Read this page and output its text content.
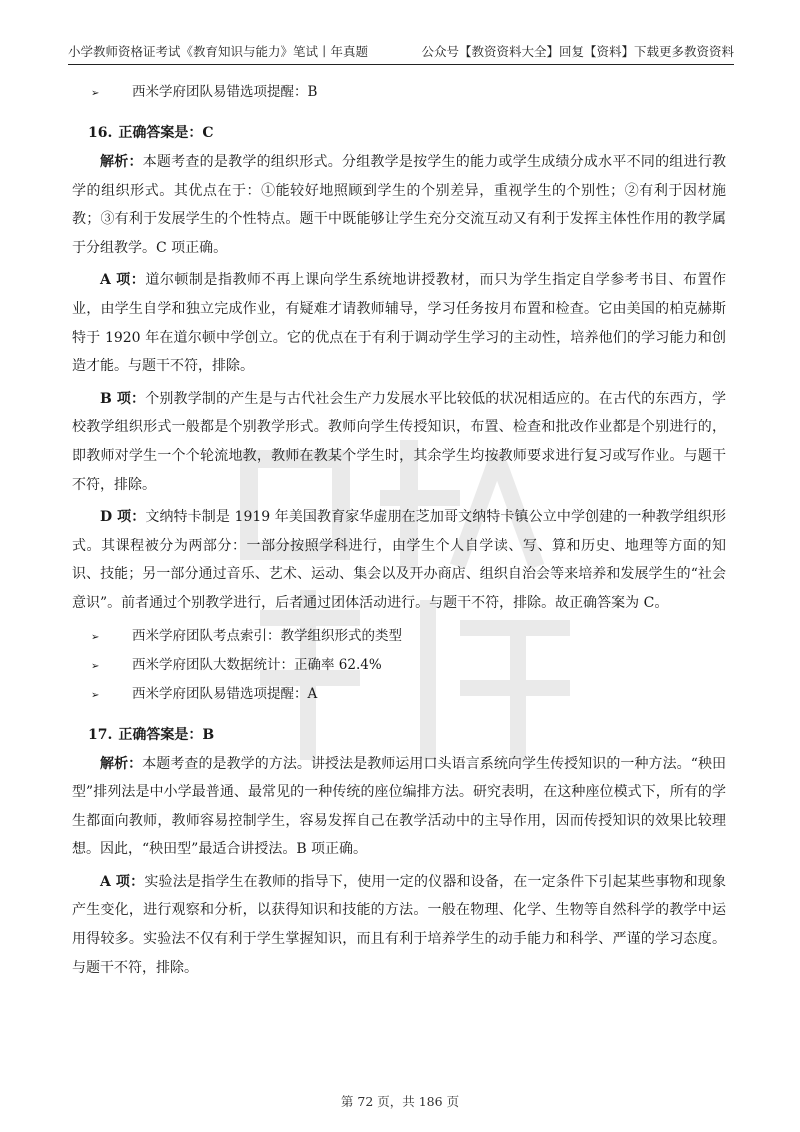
小学教师资格证考试《教育知识与能力》笔试丨年真题	公众号【教资资料大全】回复【资料】下载更多教资资料
➢ 西米学府团队易错选项提醒：B
16. 正确答案是：C

解析：本题考查的是教学的组织形式。分组教学是按学生的能力或学生成绩分成水平不同的组进行教学的组织形式。其优点在于：①能较好地照顾到学生的个别差异，重视学生的个别性；②有利于因材施教；③有利于发展学生的个性特点。题干中既能够让学生充分交流互动又有利于发挥主体性作用的教学属于分组教学。C 项正确。

A 项：道尔顿制是指教师不再上课向学生系统地讲授教材，而只为学生指定自学参考书目、布置作业，由学生自学和独立完成作业，有疑难才请教师辅导，学习任务按月布置和检查。它由美国的柏克赫斯特于 1920 年在道尔顿中学创立。它的优点在于有利于调动学生学习的主动性，培养他们的学习能力和创造才能。与题干不符，排除。

B 项：个别教学制的产生是与古代社会生产力发展水平比较低的状况相适应的。在古代的东西方，学校教学组织形式一般都是个别教学形式。教师向学生传授知识，布置、检查和批改作业都是个别进行的，即教师对学生一个个轮流地教，教师在教某个学生时，其余学生均按教师要求进行复习或写作业。与题干不符，排除。

D 项：文纳特卡制是 1919 年美国教育家华虚朋在芝加哥文纳特卡镇公立中学创建的一种教学组织形式。其课程被分为两部分：一部分按照学科进行，由学生个人自学读、写、算和历史、地理等方面的知识、技能；另一部分通过音乐、艺术、运动、集会以及开办商店、组织自治会等来培养和发展学生的“社会意识”。前者通过个别教学进行，后者通过团体活动进行。与题干不符，排除。故正确答案为 C。

➢ 西米学府团队考点索引：教学组织形式的类型
➢ 西米学府团队大数据统计：正确率 62.4%
➢ 西米学府团队易错选项提醒：A
17. 正确答案是：B

解析：本题考查的是教学的方法。讲授法是教师运用口头语言系统向学生传授知识的一种方法。“秧田型”排列法是中小学最普通、最常见的一种传统的座位编排方法。研究表明，在这种座位模式下，所有的学生都面向教师，教师容易控制学生，容易发挥自己在教学活动中的主导作用，因而传授知识的效果比较理想。因此，“秧田型”最适合讲授法。B 项正确。

A 项：实验法是指学生在教师的指导下，使用一定的仪器和设备，在一定条件下引起某些事物和现象产生变化，进行观察和分析，以获得知识和技能的方法。一般在物理、化学、生物等自然科学的教学中运用得较多。实验法不仅有利于学生掌握知识，而且有利于培养学生的动手能力和科学、严谨的学习态度。与题干不符，排除。

第 72 页，共 186 页
